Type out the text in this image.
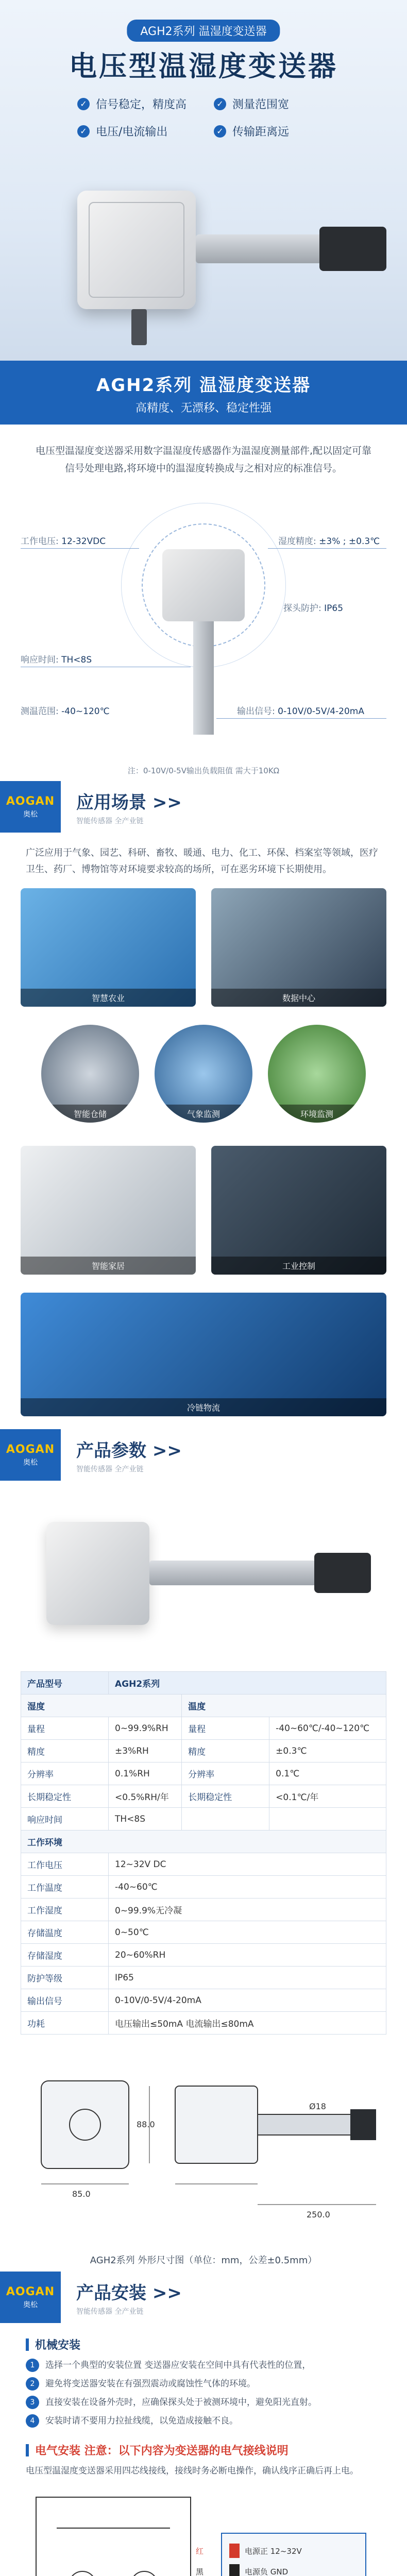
AGH2系列 温湿度变送器
电压型温湿度变送器
✓ 信号稳定，精度高	✓ 测量范围宽
✓ 电压/电流输出	✓ 传输距离远
AGH2系列 温湿度变送器
高精度、无漂移、稳定性强

电压型温湿度变送器采用数字温湿度传感器作为温湿度测量部件,配以固定可靠信号处理电路,将环境中的温湿度转换成与之相对应的标准信号。

工作电压: 12-32VDC	湿度精度: ±3% ; ±0.3℃
探头防护: IP65
响应时间: TH<8S
测温范围: -40~120℃	输出信号: 0-10V/0-5V/4-20mA
注：0-10V/0-5V输出负载阻值 需大于10KΩ
AOGAN
奥松
应用场景 >>
智能传感器 全产业链

广泛应用于气象、园艺、科研、畜牧、暖通、电力、化工、环保、档案室等领域，医疗卫生、药厂、博物馆等对环境要求较高的场所，可在恶劣环境下长期使用。

智慧农业	数据中心
智能仓储	气象监测	环境监测
智能家居	工业控制
冷链物流
AOGAN
奥松
产品参数 >>
智能传感器 全产业链
产品型号	AGH2系列		
湿度		温度	
量程	0~99.9%RH	量程	-40~60℃/-40~120℃
精度	±3%RH	精度	±0.3℃
分辨率	0.1%RH	分辨率	0.1℃
长期稳定性	<0.5%RH/年	长期稳定性	<0.1℃/年
响应时间	TH<8S		
工作环境			
工作电压	12~32V DC		
工作温度	-40~60℃		
工作湿度	0~99.9%无冷凝		
存储温度	0~50℃		
存储湿度	20~60%RH		
防护等级	IP65		
输出信号	0-10V/0-5V/4-20mA		
功耗	电压输出≤50mA 电流输出≤80mA		
85.0
88.0
250.0
Ø18
AGH2系列 外形尺寸图（单位：mm，公差±0.5mm）
AOGAN
奥松
产品安装 >>
智能传感器 全产业链
机械安装
1	选择一个典型的安装位置 变送器应安装在空间中具有代表性的位置，
2	避免将变送器安装在有强烈震动或腐蚀性气体的环境。
3	直接安装在设备外壳时，应确保探头处于被测环境中，避免阳光直射。
4	安装时请不要用力拉扯线缆，以免造成接触不良。
电气安装 注意：以下内容为变送器的电气接线说明

电压型温湿度变送器采用四芯线接线，接线时务必断电操作，确认线序正确后再上电。

电源正 12~32V
电源负 GND
红
黑
